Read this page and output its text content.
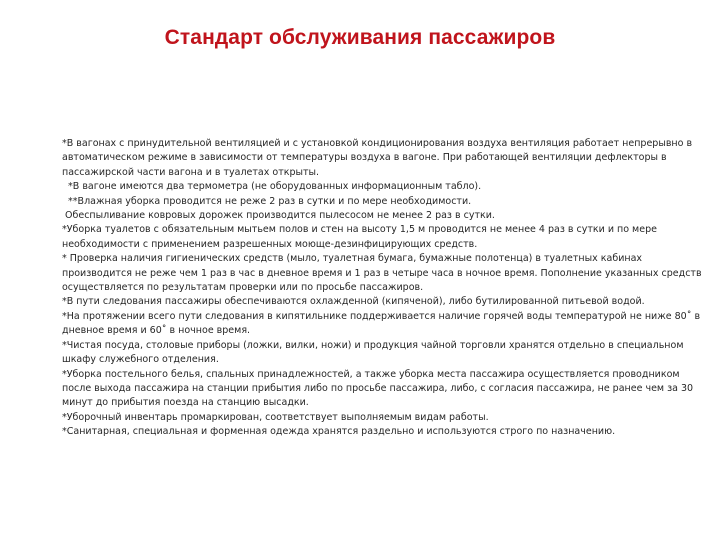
Стандарт обслуживания пассажиров

*В вагонах с принудительной вентиляцией и с установкой кондиционирования воздуха вентиляция работает непрерывно в автоматическом режиме в зависимости от температуры воздуха в вагоне. При работающей вентиляции дефлекторы в пассажирской части вагона и в туалетах открыты.

*В вагоне имеются два термометра (не оборудованных информационным табло).

**Влажная уборка проводится не реже 2 раз в сутки и по мере необходимости.

Обеспыливание ковровых дорожек производится пылесосом не менее 2 раз в сутки.

*Уборка туалетов с обязательным мытьем полов и стен на высоту 1,5 м проводится не менее 4 раз в сутки и по мере необходимости с применением разрешенных моюще-дезинфицирующих средств.

* Проверка наличия гигиенических средств (мыло, туалетная бумага, бумажные полотенца) в туалетных кабинах производится не реже чем 1 раз в час в дневное время и 1 раз в четыре часа в ночное время. Пополнение указанных средств осуществляется по результатам проверки или по просьбе пассажиров.

*В пути следования пассажиры обеспечиваются охлажденной (кипяченой), либо бутилированной питьевой водой.

*На протяжении всего пути следования в кипятильнике поддерживается наличие горячей воды температурой не ниже 80˚ в дневное время и 60˚ в ночное время.

*Чистая посуда, столовые приборы (ложки, вилки, ножи) и продукция чайной торговли хранятся отдельно в специальном шкафу служебного отделения.

*Уборка постельного белья, спальных принадлежностей, а также уборка места пассажира осуществляется проводником после выхода пассажира на станции прибытия либо по просьбе пассажира, либо, с согласия пассажира, не ранее чем за 30 минут до прибытия поезда на станцию высадки.

*Уборочный инвентарь промаркирован, соответствует выполняемым видам работы.

*Санитарная, специальная и форменная одежда хранятся раздельно и используются строго по назначению.
